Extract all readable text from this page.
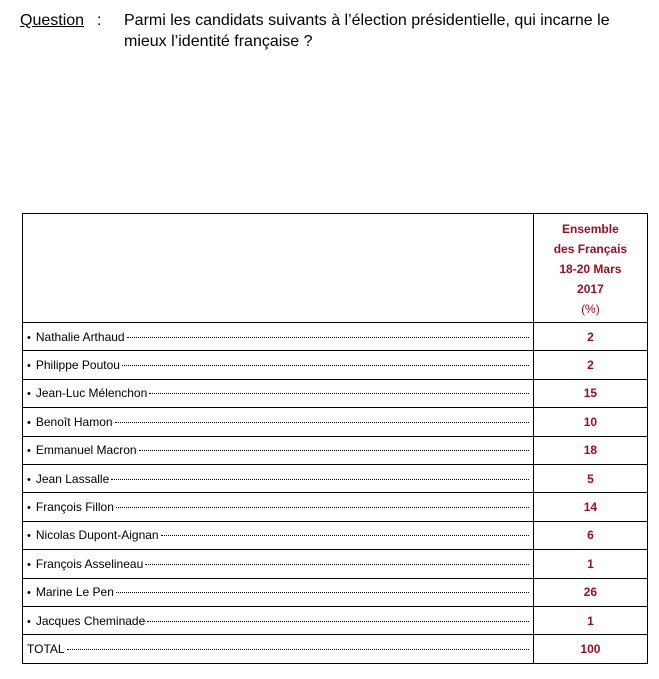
Question : Parmi les candidats suivants à l’élection présidentielle, qui incarne le mieux l’identité française ?

	Ensemble
des Français
18-20 Mars
2017
(%)

• Nathalie Arthaud	2

• Philippe Poutou	2

• Jean-Luc Mélenchon	15

• Benoît Hamon	10

• Emmanuel Macron	18

• Jean Lassalle	5

• François Fillon	14

• Nicolas Dupont-Aignan	6

• François Asselineau	1

• Marine Le Pen	26

• Jacques Cheminade	1

TOTAL	100
